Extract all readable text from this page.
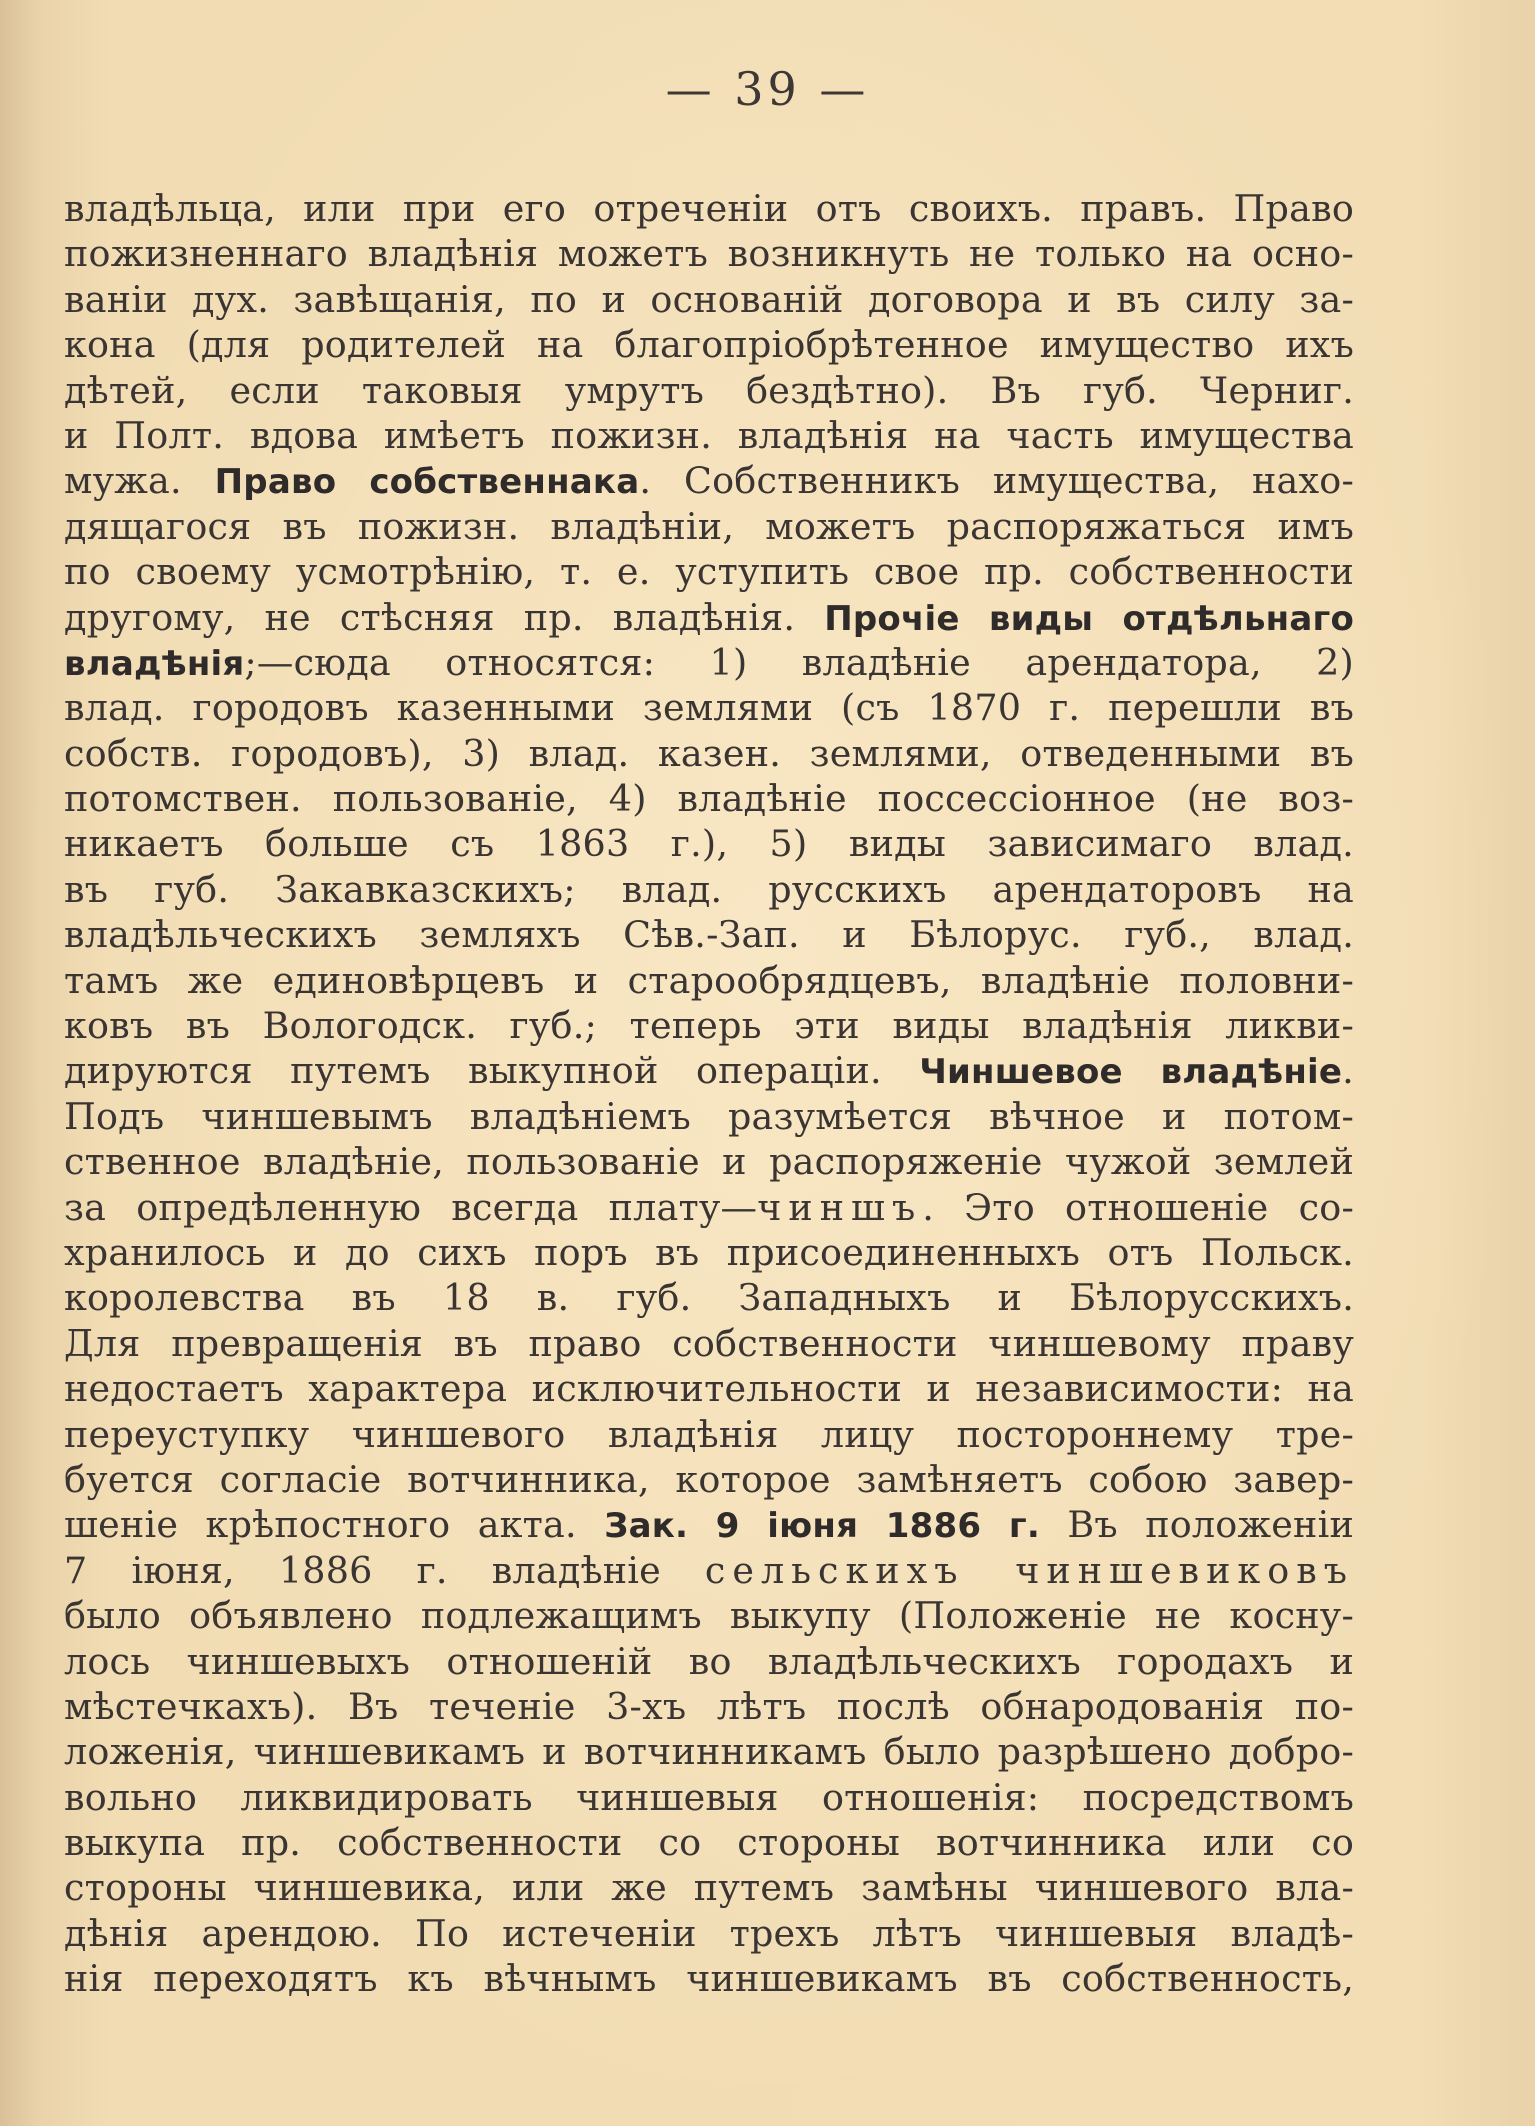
— 39 —
владѣльца, или при его отреченіи отъ своихъ. правъ. Право
пожизненнаго владѣнія можетъ возникнуть не только на осно-
ваніи дух. завѣщанія, по и основаній договора и въ силу за-
кона (для родителей на благопріобрѣтенное имущество ихъ
дѣтей, если таковыя умрутъ бездѣтно). Въ губ. Черниг.
и Полт. вдова имѣетъ пожизн. владѣнія на часть имущества
мужа. Право собственнака. Собственникъ имущества, нахо-
дящагося въ пожизн. владѣніи, можетъ распоряжаться имъ
по своему усмотрѣнію, т. е. уступить свое пр. собственности
другому, не стѣсняя пр. владѣнія. Прочіе виды отдѣльнаго
владѣнія;—сюда относятся: 1) владѣніе арендатора, 2)
влад. городовъ казенными землями (съ 1870 г. перешли въ
собств. городовъ), 3) влад. казен. землями, отведенными въ
потомствен. пользованіе, 4) владѣніе поссессіонное (не воз-
никаетъ больше съ 1863 г.), 5) виды зависимаго влад.
въ губ. Закавказскихъ; влад. русскихъ арендаторовъ на
владѣльческихъ земляхъ Сѣв.-Зап. и Бѣлорус. губ., влад.
тамъ же единовѣрцевъ и старообрядцевъ, владѣніе половни-
ковъ въ Вологодск. губ.; теперь эти виды владѣнія ликви-
дируются путемъ выкупной операціи. Чиншевое владѣніе.
Подъ чиншевымъ владѣніемъ разумѣется вѣчное и потом-
ственное владѣніе, пользованіе и распоряженіе чужой землей
за опредѣленную всегда плату—чиншъ. Это отношеніе со-
хранилось и до сихъ поръ въ присоединенныхъ отъ Польск.
королевства въ 18 в. губ. Западныхъ и Бѣлорусскихъ.
Для превращенія въ право собственности чиншевому праву
недостаетъ характера исключительности и независимости: на
переуступку чиншевого владѣнія лицу постороннему тре-
буется согласіе вотчинника, которое замѣняетъ собою завер-
шеніе крѣпостного акта. Зак. 9 іюня 1886 г. Въ положеніи
7 іюня, 1886 г. владѣніе сельскихъ чиншевиковъ
было объявлено подлежащимъ выкупу (Положеніе не косну-
лось чиншевыхъ отношеній во владѣльческихъ городахъ и
мѣстечкахъ). Въ теченіе 3-хъ лѣтъ послѣ обнародованія по-
ложенія, чиншевикамъ и вотчинникамъ было разрѣшено добро-
вольно ликвидировать чиншевыя отношенія: посредствомъ
выкупа пр. собственности со стороны вотчинника или со
стороны чиншевика, или же путемъ замѣны чиншевого вла-
дѣнія арендою. По истеченіи трехъ лѣтъ чиншевыя владѣ-
нія переходятъ къ вѣчнымъ чиншевикамъ въ собственность,
